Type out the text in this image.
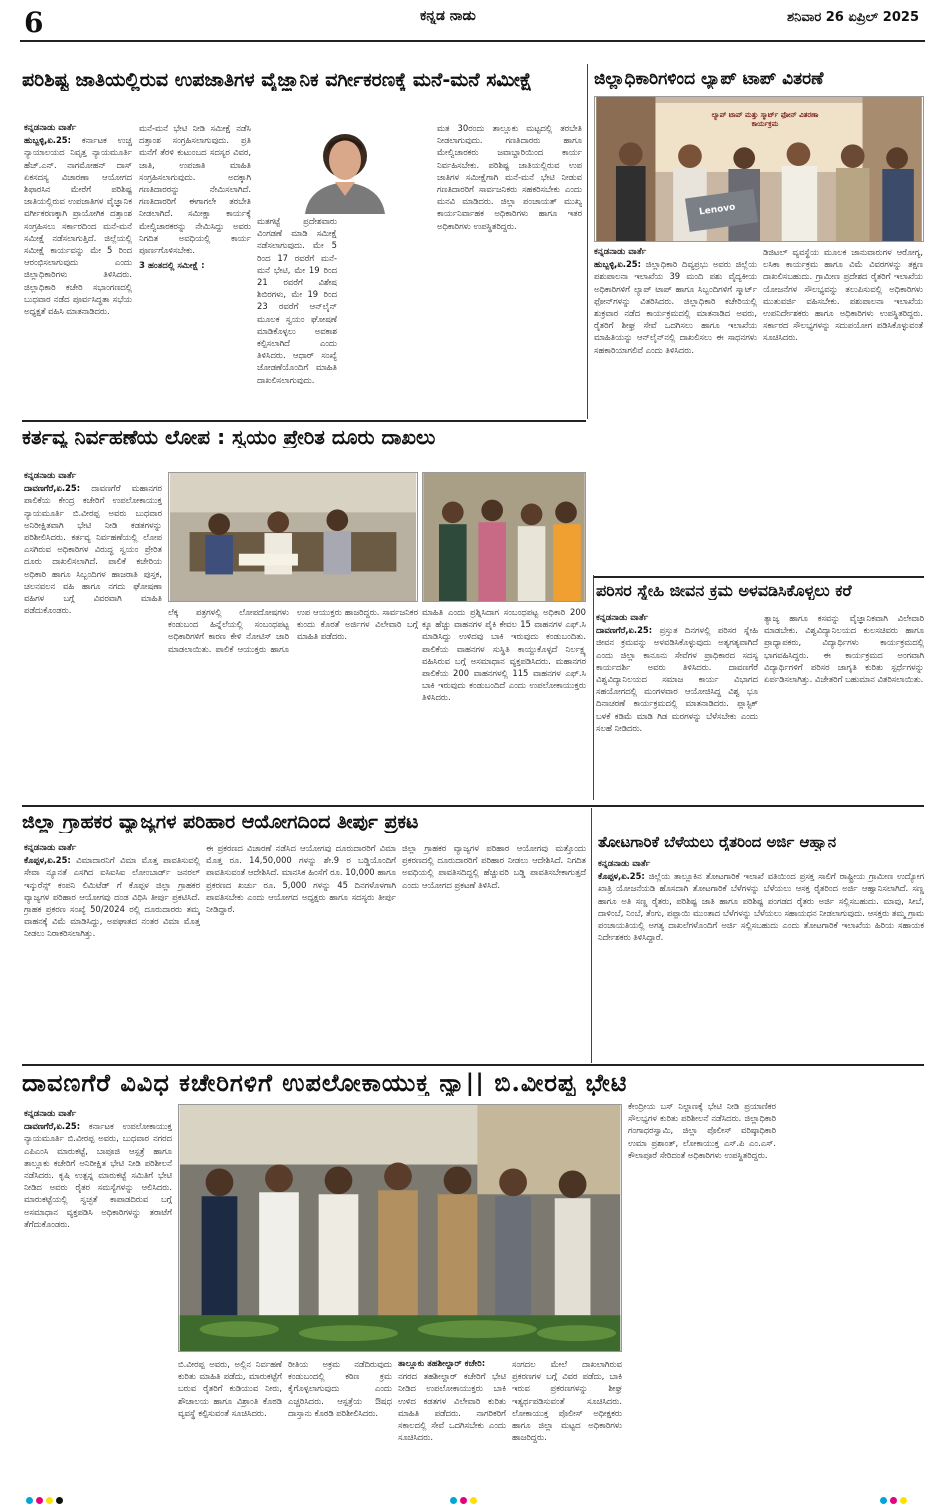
6	ಕನ್ನಡ ನಾಡು	ಶನಿವಾರ 26 ಏಪ್ರಿಲ್ 2025
ಪರಿಶಿಷ್ಟ ಜಾತಿಯಲ್ಲಿರುವ ಉಪಜಾತಿಗಳ ವೈಜ್ಞಾನಿಕ ವರ್ಗೀಕರಣಕ್ಕೆ ಮನೆ-ಮನೆ ಸಮೀಕ್ಷೆ
ಕನ್ನಡನಾಡು ವಾರ್ತೆ
ಹುಬ್ಬಳ್ಳಿ,ಏ.25: ಕರ್ನಾಟಕ ಉಚ್ಚ ನ್ಯಾಯಾಲಯದ ನಿವೃತ್ತ ನ್ಯಾಯಮೂರ್ತಿ ಹೆಚ್.ಎನ್. ನಾಗಮೋಹನ್ ದಾಸ್ ಏಕಸದಸ್ಯ ವಿಚಾರಣಾ ಆಯೋಗದ ಶಿಫಾರಸಿನ ಮೇರೆಗೆ ಪರಿಶಿಷ್ಟ ಜಾತಿಯಲ್ಲಿರುವ ಉಪಜಾತಿಗಳ ವೈಜ್ಞಾನಿಕ ವರ್ಗೀಕರಣಕ್ಕಾಗಿ ಪ್ರಾಯೋಗಿಕ ದತ್ತಾಂಶ ಸಂಗ್ರಹಿಸಲು ಸರ್ಕಾರದಿಂದ ಮನೆ-ಮನೆ ಸಮೀಕ್ಷೆ ನಡೆಸಲಾಗುತ್ತಿದೆ. ಜಿಲ್ಲೆಯಲ್ಲಿ ಸಮೀಕ್ಷೆ ಕಾರ್ಯವನ್ನು ಮೇ 5 ರಿಂದ ಆರಂಭಿಸಲಾಗುವುದು ಎಂದು ಜಿಲ್ಲಾಧಿಕಾರಿಗಳು ತಿಳಿಸಿದರು. ಜಿಲ್ಲಾಧಿಕಾರಿ ಕಚೇರಿ ಸಭಾಂಗಣದಲ್ಲಿ ಬುಧವಾರ ನಡೆದ ಪೂರ್ವಸಿದ್ಧತಾ ಸಭೆಯ ಅಧ್ಯಕ್ಷತೆ ವಹಿಸಿ ಮಾತನಾಡಿದರು.
ಮನೆ-ಮನೆ ಭೇಟಿ ನೀಡಿ ಸಮೀಕ್ಷೆ ನಡೆಸಿ ದತ್ತಾಂಶ ಸಂಗ್ರಹಿಸಲಾಗುವುದು. ಪ್ರತಿ ಮನೆಗೆ ತೆರಳಿ ಕುಟುಂಬದ ಸದಸ್ಯರ ವಿವರ, ಜಾತಿ, ಉಪಜಾತಿ ಮಾಹಿತಿ ಸಂಗ್ರಹಿಸಲಾಗುವುದು. ಅದಕ್ಕಾಗಿ ಗಣತಿದಾರರನ್ನು ನೇಮಿಸಲಾಗಿದೆ. ಗಣತಿದಾರರಿಗೆ ಈಗಾಗಲೇ ತರಬೇತಿ ನೀಡಲಾಗಿದೆ. ಸಮೀಕ್ಷಾ ಕಾರ್ಯಕ್ಕೆ ಮೇಲ್ವಿಚಾರಕರನ್ನು ನೇಮಿಸಿದ್ದು ಅವರು ನಿಗದಿತ ಅವಧಿಯಲ್ಲಿ ಕಾರ್ಯ ಪೂರ್ಣಗೊಳಿಸಬೇಕು.
3 ಹಂತದಲ್ಲಿ ಸಮೀಕ್ಷೆ :
ಮತಗಟ್ಟೆ ಪ್ರದೇಶವಾರು ವಿಂಗಡಣೆ ಮಾಡಿ ಸಮೀಕ್ಷೆ ನಡೆಸಲಾಗುವುದು. ಮೇ 5 ರಿಂದ 17 ರವರೆಗೆ ಮನೆ-ಮನೆ ಭೇಟಿ, ಮೇ 19 ರಿಂದ 21 ರವರೆಗೆ ವಿಶೇಷ ಶಿಬಿರಗಳು, ಮೇ 19 ರಿಂದ 23 ರವರೆಗೆ ಆನ್‌ಲೈನ್ ಮೂಲಕ ಸ್ವಯಂ ಘೋಷಣೆ ಮಾಡಿಕೊಳ್ಳಲು ಅವಕಾಶ ಕಲ್ಪಿಸಲಾಗಿದೆ ಎಂದು ತಿಳಿಸಿದರು. ಆಧಾರ್ ಸಂಖ್ಯೆ ಜೋಡಣೆಯೊಂದಿಗೆ ಮಾಹಿತಿ ದಾಖಲಿಸಲಾಗುವುದು.
ಮತ 30ರಂದು ತಾಲ್ಲೂಕು ಮಟ್ಟದಲ್ಲಿ ತರಬೇತಿ ನೀಡಲಾಗುವುದು. ಗಣತಿದಾರರು ಹಾಗೂ ಮೇಲ್ವಿಚಾರಕರು ಜವಾಬ್ದಾರಿಯಿಂದ ಕಾರ್ಯ ನಿರ್ವಹಿಸಬೇಕು. ಪರಿಶಿಷ್ಟ ಜಾತಿಯಲ್ಲಿರುವ ಉಪ ಜಾತಿಗಳ ಸಮೀಕ್ಷೆಗಾಗಿ ಮನೆ-ಮನೆ ಭೇಟಿ ನೀಡುವ ಗಣತಿದಾರರಿಗೆ ಸಾರ್ವಜನಿಕರು ಸಹಕರಿಸಬೇಕು ಎಂದು ಮನವಿ ಮಾಡಿದರು. ಜಿಲ್ಲಾ ಪಂಚಾಯತ್ ಮುಖ್ಯ ಕಾರ್ಯನಿರ್ವಾಹಕ ಅಧಿಕಾರಿಗಳು ಹಾಗೂ ಇತರ ಅಧಿಕಾರಿಗಳು ಉಪಸ್ಥಿತರಿದ್ದರು.
ಜಿಲ್ಲಾಧಿಕಾರಿಗಳಿಂದ ಲ್ಯಾಪ್ ಟಾಪ್ ವಿತರಣೆ
ಲ್ಯಾಪ್ ಟಾಪ್ ಮತ್ತು ಸ್ಮಾರ್ಟ್ ಫೋನ್ ವಿತರಣಾ ಕಾರ್ಯಕ್ರಮ
Lenovo
ಕನ್ನಡನಾಡು ವಾರ್ತೆ
ಹುಬ್ಬಳ್ಳಿ,ಏ.25: ಜಿಲ್ಲಾಧಿಕಾರಿ ದಿವ್ಯಪ್ರಭು ಅವರು ಜಿಲ್ಲೆಯ ಪಶುಪಾಲನಾ ಇಲಾಖೆಯ 39 ಮಂದಿ ಪಶು ವೈದ್ಯಕೀಯ ಅಧಿಕಾರಿಗಳಿಗೆ ಲ್ಯಾಪ್ ಟಾಪ್ ಹಾಗೂ ಸಿಬ್ಬಂದಿಗಳಿಗೆ ಸ್ಮಾರ್ಟ್ ಫೋನ್‌ಗಳನ್ನು ವಿತರಿಸಿದರು. ಜಿಲ್ಲಾಧಿಕಾರಿ ಕಚೇರಿಯಲ್ಲಿ ಶುಕ್ರವಾರ ನಡೆದ ಕಾರ್ಯಕ್ರಮದಲ್ಲಿ ಮಾತನಾಡಿದ ಅವರು, ರೈತರಿಗೆ ಶೀಘ್ರ ಸೇವೆ ಒದಗಿಸಲು ಹಾಗೂ ಇಲಾಖೆಯ ಮಾಹಿತಿಯನ್ನು ಆನ್‌ಲೈನ್‌ನಲ್ಲಿ ದಾಖಲಿಸಲು ಈ ಸಾಧನಗಳು ಸಹಕಾರಿಯಾಗಲಿವೆ ಎಂದು ತಿಳಿಸಿದರು.
ಡಿಜಿಟಲ್ ವ್ಯವಸ್ಥೆಯ ಮೂಲಕ ಜಾನುವಾರುಗಳ ಆರೋಗ್ಯ, ಲಸಿಕಾ ಕಾರ್ಯಕ್ರಮ ಹಾಗೂ ವಿಮೆ ವಿವರಗಳನ್ನು ತಕ್ಷಣ ದಾಖಲಿಸಬಹುದು. ಗ್ರಾಮೀಣ ಪ್ರದೇಶದ ರೈತರಿಗೆ ಇಲಾಖೆಯ ಯೋಜನೆಗಳ ಸೌಲಭ್ಯವನ್ನು ತಲುಪಿಸುವಲ್ಲಿ ಅಧಿಕಾರಿಗಳು ಮುತುವರ್ಜಿ ವಹಿಸಬೇಕು. ಪಶುಪಾಲನಾ ಇಲಾಖೆಯ ಉಪನಿರ್ದೇಶಕರು ಹಾಗೂ ಅಧಿಕಾರಿಗಳು ಉಪಸ್ಥಿತರಿದ್ದರು. ಸರ್ಕಾರದ ಸೌಲಭ್ಯಗಳನ್ನು ಸದುಪಯೋಗ ಪಡಿಸಿಕೊಳ್ಳುವಂತೆ ಸೂಚಿಸಿದರು.
ಕರ್ತವ್ಯ ನಿರ್ವಹಣೆಯ ಲೋಪ : ಸ್ವಯಂ ಪ್ರೇರಿತ ದೂರು ದಾಖಲು
ಕನ್ನಡನಾಡು ವಾರ್ತೆ
ದಾವಣಗೆರೆ,ಏ.25: ದಾವಣಗೆರೆ ಮಹಾನಗರ ಪಾಲಿಕೆಯ ಕೇಂದ್ರ ಕಚೇರಿಗೆ ಉಪಲೋಕಾಯುಕ್ತ ನ್ಯಾಯಮೂರ್ತಿ ಬಿ.ವೀರಪ್ಪ ಅವರು ಬುಧವಾರ ಅನಿರೀಕ್ಷಿತವಾಗಿ ಭೇಟಿ ನೀಡಿ ಕಡತಗಳನ್ನು ಪರಿಶೀಲಿಸಿದರು. ಕರ್ತವ್ಯ ನಿರ್ವಹಣೆಯಲ್ಲಿ ಲೋಪ ಎಸಗಿರುವ ಅಧಿಕಾರಿಗಳ ವಿರುದ್ಧ ಸ್ವಯಂ ಪ್ರೇರಿತ ದೂರು ದಾಖಲಿಸಲಾಗಿದೆ. ಪಾಲಿಕೆ ಕಚೇರಿಯ ಅಧಿಕಾರಿ ಹಾಗೂ ಸಿಬ್ಬಂದಿಗಳ ಹಾಜರಾತಿ ಪುಸ್ತಕ, ಚಲನವಲನ ವಹಿ ಹಾಗೂ ನಗದು ಘೋಷಣಾ ವಹಿಗಳ ಬಗ್ಗೆ ವಿವರವಾಗಿ ಮಾಹಿತಿ ಪಡೆದುಕೊಂಡರು.	ಲೆಕ್ಕ ಪತ್ರಗಳಲ್ಲಿ ಲೋಪದೋಷಗಳು ಕಂಡುಬಂದ ಹಿನ್ನೆಲೆಯಲ್ಲಿ ಸಂಬಂಧಪಟ್ಟ ಅಧಿಕಾರಿಗಳಿಗೆ ಕಾರಣ ಕೇಳಿ ನೋಟಿಸ್ ಜಾರಿ ಮಾಡಲಾಯಿತು. ಪಾಲಿಕೆ ಆಯುಕ್ತರು ಹಾಗೂ ಉಪ ಆಯುಕ್ತರು ಹಾಜರಿದ್ದರು. ಸಾರ್ವಜನಿಕರ ಕುಂದು ಕೊರತೆ ಅರ್ಜಿಗಳ ವಿಲೇವಾರಿ ಬಗ್ಗೆ ಮಾಹಿತಿ ಪಡೆದರು.
ಮಾಹಿತಿ ಎಂದು ಪ್ರಶ್ನಿಸಿದಾಗ ಸಂಬಂಧಪಟ್ಟ ಅಧಿಕಾರಿ 200 ಕ್ಕೂ ಹೆಚ್ಚು ವಾಹನಗಳ ಪೈಕಿ ಕೇವಲ 15 ವಾಹನಗಳ ಎಫ್.ಸಿ ಮಾಡಿಸಿದ್ದು ಉಳಿದವು ಬಾಕಿ ಇರುವುದು ಕಂಡುಬಂದಿತು. ಪಾಲಿಕೆಯ ವಾಹನಗಳ ಸುಸ್ಥಿತಿ ಕಾಯ್ದುಕೊಳ್ಳದೆ ನಿರ್ಲಕ್ಷ್ಯ ವಹಿಸಿರುವ ಬಗ್ಗೆ ಅಸಮಾಧಾನ ವ್ಯಕ್ತಪಡಿಸಿದರು. ಮಹಾನಗರ ಪಾಲಿಕೆಯ 200 ವಾಹನಗಳಲ್ಲಿ 115 ವಾಹನಗಳ ಎಫ್.ಸಿ ಬಾಕಿ ಇರುವುದು ಕಂಡುಬಂದಿದೆ ಎಂದು ಉಪಲೋಕಾಯುಕ್ತರು ತಿಳಿಸಿದರು.
ಪರಿಸರ ಸ್ನೇಹಿ ಜೀವನ ಕ್ರಮ ಅಳವಡಿಸಿಕೊಳ್ಳಲು ಕರೆ
ಕನ್ನಡನಾಡು ವಾರ್ತೆ
ದಾವಣಗೆರೆ,ಏ.25: ಪ್ರಸ್ತುತ ದಿನಗಳಲ್ಲಿ ಪರಿಸರ ಸ್ನೇಹಿ ಜೀವನ ಕ್ರಮವನ್ನು ಅಳವಡಿಸಿಕೊಳ್ಳುವುದು ಅತ್ಯಗತ್ಯವಾಗಿದೆ ಎಂದು ಜಿಲ್ಲಾ ಕಾನೂನು ಸೇವೆಗಳ ಪ್ರಾಧಿಕಾರದ ಸದಸ್ಯ ಕಾರ್ಯದರ್ಶಿ ಅವರು ತಿಳಿಸಿದರು. ದಾವಣಗೆರೆ ವಿಶ್ವವಿದ್ಯಾನಿಲಯದ ಸಮಾಜ ಕಾರ್ಯ ವಿಭಾಗದ ಸಹಯೋಗದಲ್ಲಿ ಮಂಗಳವಾರ ಆಯೋಜಿಸಿದ್ದ ವಿಶ್ವ ಭೂ ದಿನಾಚರಣೆ ಕಾರ್ಯಕ್ರಮದಲ್ಲಿ ಮಾತನಾಡಿದರು. ಪ್ಲಾಸ್ಟಿಕ್ ಬಳಕೆ ಕಡಿಮೆ ಮಾಡಿ ಗಿಡ ಮರಗಳನ್ನು ಬೆಳೆಸಬೇಕು ಎಂದು ಸಲಹೆ ನೀಡಿದರು.
ತ್ಯಾಜ್ಯ ಹಾಗೂ ಕಸವನ್ನು ವೈಜ್ಞಾನಿಕವಾಗಿ ವಿಲೇವಾರಿ ಮಾಡಬೇಕು. ವಿಶ್ವವಿದ್ಯಾನಿಲಯದ ಕುಲಸಚಿವರು ಹಾಗೂ ಪ್ರಾಧ್ಯಾಪಕರು, ವಿದ್ಯಾರ್ಥಿಗಳು ಕಾರ್ಯಕ್ರಮದಲ್ಲಿ ಭಾಗವಹಿಸಿದ್ದರು. ಈ ಕಾರ್ಯಕ್ರಮದ ಅಂಗವಾಗಿ ವಿದ್ಯಾರ್ಥಿಗಳಿಗೆ ಪರಿಸರ ಜಾಗೃತಿ ಕುರಿತು ಸ್ಪರ್ಧೆಗಳನ್ನು ಏರ್ಪಡಿಸಲಾಗಿತ್ತು. ವಿಜೇತರಿಗೆ ಬಹುಮಾನ ವಿತರಿಸಲಾಯಿತು.
ಜಿಲ್ಲಾ ಗ್ರಾಹಕರ ವ್ಯಾಜ್ಯಗಳ ಪರಿಹಾರ ಆಯೋಗದಿಂದ ತೀರ್ಪು ಪ್ರಕಟ
ಕನ್ನಡನಾಡು ವಾರ್ತೆ
ಕೊಪ್ಪಳ,ಏ.25: ವಿಮಾದಾರನಿಗೆ ವಿಮಾ ಮೊತ್ತ ಪಾವತಿಸುವಲ್ಲಿ ಸೇವಾ ನ್ಯೂನತೆ ಎಸಗಿದ ಐಸಿಐಸಿಐ ಲೋಂಬಾರ್ಡ್ ಜನರಲ್ ಇನ್ಶುರೆನ್ಸ್ ಕಂಪನಿ ಲಿಮಿಟೆಡ್ ಗೆ ಕೊಪ್ಪಳ ಜಿಲ್ಲಾ ಗ್ರಾಹಕರ ವ್ಯಾಜ್ಯಗಳ ಪರಿಹಾರ ಆಯೋಗವು ದಂಡ ವಿಧಿಸಿ ತೀರ್ಪು ಪ್ರಕಟಿಸಿದೆ. ಗ್ರಾಹಕ ಪ್ರಕರಣ ಸಂಖ್ಯೆ 50/2024 ರಲ್ಲಿ ದೂರುದಾರರು ತಮ್ಮ ವಾಹನಕ್ಕೆ ವಿಮೆ ಮಾಡಿಸಿದ್ದು, ಅಪಘಾತದ ನಂತರ ವಿಮಾ ಮೊತ್ತ ನೀಡಲು ನಿರಾಕರಿಸಲಾಗಿತ್ತು.
ಈ ಪ್ರಕರಣದ ವಿಚಾರಣೆ ನಡೆಸಿದ ಆಯೋಗವು ದೂರುದಾರರಿಗೆ ವಿಮಾ ಮೊತ್ತ ರೂ. 14,50,000 ಗಳನ್ನು ಶೇ.9 ರ ಬಡ್ಡಿಯೊಂದಿಗೆ ಪಾವತಿಸುವಂತೆ ಆದೇಶಿಸಿದೆ. ಮಾನಸಿಕ ಹಿಂಸೆಗೆ ರೂ. 10,000 ಹಾಗೂ ಪ್ರಕರಣದ ಖರ್ಚು ರೂ. 5,000 ಗಳನ್ನು 45 ದಿನಗಳೊಳಗಾಗಿ ಪಾವತಿಸಬೇಕು ಎಂದು ಆಯೋಗದ ಅಧ್ಯಕ್ಷರು ಹಾಗೂ ಸದಸ್ಯರು ತೀರ್ಪು ನೀಡಿದ್ದಾರೆ.
ಜಿಲ್ಲಾ ಗ್ರಾಹಕರ ವ್ಯಾಜ್ಯಗಳ ಪರಿಹಾರ ಆಯೋಗವು ಮತ್ತೊಂದು ಪ್ರಕರಣದಲ್ಲಿ ದೂರುದಾರರಿಗೆ ಪರಿಹಾರ ನೀಡಲು ಆದೇಶಿಸಿದೆ. ನಿಗದಿತ ಅವಧಿಯಲ್ಲಿ ಪಾವತಿಸದಿದ್ದಲ್ಲಿ ಹೆಚ್ಚುವರಿ ಬಡ್ಡಿ ಪಾವತಿಸಬೇಕಾಗುತ್ತದೆ ಎಂದು ಆಯೋಗದ ಪ್ರಕಟಣೆ ತಿಳಿಸಿದೆ.
ತೋಟಗಾರಿಕೆ ಬೆಳೆಯಲು ರೈತರಿಂದ ಅರ್ಜಿ ಆಹ್ವಾನ
ಕನ್ನಡನಾಡು ವಾರ್ತೆ
ಕೊಪ್ಪಳ,ಏ.25: ಜಿಲ್ಲೆಯ ತಾಲ್ಲೂಕಿನ ತೋಟಗಾರಿಕೆ ಇಲಾಖೆ ವತಿಯಿಂದ ಪ್ರಸಕ್ತ ಸಾಲಿಗೆ ರಾಷ್ಟ್ರೀಯ ಗ್ರಾಮೀಣ ಉದ್ಯೋಗ ಖಾತ್ರಿ ಯೋಜನೆಯಡಿ ಹೊಸದಾಗಿ ತೋಟಗಾರಿಕೆ ಬೆಳೆಗಳನ್ನು ಬೆಳೆಯಲು ಆಸಕ್ತ ರೈತರಿಂದ ಅರ್ಜಿ ಆಹ್ವಾನಿಸಲಾಗಿದೆ. ಸಣ್ಣ ಹಾಗೂ ಅತಿ ಸಣ್ಣ ರೈತರು, ಪರಿಶಿಷ್ಟ ಜಾತಿ ಹಾಗೂ ಪರಿಶಿಷ್ಟ ಪಂಗಡದ ರೈತರು ಅರ್ಜಿ ಸಲ್ಲಿಸಬಹುದು. ಮಾವು, ಸೀಬೆ, ದಾಳಿಂಬೆ, ನಿಂಬೆ, ತೆಂಗು, ಪಪ್ಪಾಯಿ ಮುಂತಾದ ಬೆಳೆಗಳನ್ನು ಬೆಳೆಯಲು ಸಹಾಯಧನ ನೀಡಲಾಗುವುದು. ಆಸಕ್ತರು ತಮ್ಮ ಗ್ರಾಮ ಪಂಚಾಯತಿಯಲ್ಲಿ ಅಗತ್ಯ ದಾಖಲೆಗಳೊಂದಿಗೆ ಅರ್ಜಿ ಸಲ್ಲಿಸಬಹುದು ಎಂದು ತೋಟಗಾರಿಕೆ ಇಲಾಖೆಯ ಹಿರಿಯ ಸಹಾಯಕ ನಿರ್ದೇಶಕರು ತಿಳಿಸಿದ್ದಾರೆ.
ದಾವಣಗೆರೆ ವಿವಿಧ ಕಚೇರಿಗಳಿಗೆ ಉಪಲೋಕಾಯುಕ್ತ ನ್ಯಾ|| ಬಿ.ವೀರಪ್ಪ ಭೇಟಿ
ಕನ್ನಡನಾಡು ವಾರ್ತೆ
ದಾವಣಗೆರೆ,ಏ.25: ಕರ್ನಾಟಕ ಉಪಲೋಕಾಯುಕ್ತ ನ್ಯಾಯಮೂರ್ತಿ ಬಿ.ವೀರಪ್ಪ ಅವರು, ಬುಧವಾರ ನಗರದ ಎಪಿಎಂಸಿ ಮಾರುಕಟ್ಟೆ, ಬಾಪೂಜಿ ಆಸ್ಪತ್ರೆ ಹಾಗೂ ತಾಲ್ಲೂಕು ಕಚೇರಿಗೆ ಅನಿರೀಕ್ಷಿತ ಭೇಟಿ ನೀಡಿ ಪರಿಶೀಲನೆ ನಡೆಸಿದರು. ಕೃಷಿ ಉತ್ಪನ್ನ ಮಾರುಕಟ್ಟೆ ಸಮಿತಿಗೆ ಭೇಟಿ ನೀಡಿದ ಅವರು ರೈತರ ಸಮಸ್ಯೆಗಳನ್ನು ಆಲಿಸಿದರು. ಮಾರುಕಟ್ಟೆಯಲ್ಲಿ ಸ್ವಚ್ಛತೆ ಕಾಪಾಡದಿರುವ ಬಗ್ಗೆ ಅಸಮಾಧಾನ ವ್ಯಕ್ತಪಡಿಸಿ ಅಧಿಕಾರಿಗಳನ್ನು ತರಾಟೆಗೆ ತೆಗೆದುಕೊಂಡರು.
ಬಿ.ವೀರಪ್ಪ ಅವರು, ಅಲ್ಲಿನ ನಿರ್ವಹಣೆ ಕುರಿತು ಮಾಹಿತಿ ಪಡೆದು, ಮಾರುಕಟ್ಟೆಗೆ ಬರುವ ರೈತರಿಗೆ ಕುಡಿಯುವ ನೀರು, ಶೌಚಾಲಯ ಹಾಗೂ ವಿಶ್ರಾಂತಿ ಕೊಠಡಿ ವ್ಯವಸ್ಥೆ ಕಲ್ಪಿಸುವಂತೆ ಸೂಚಿಸಿದರು.
ರೀತಿಯ ಅಕ್ರಮ ನಡೆದಿರುವುದು ಕಂಡುಬಂದಲ್ಲಿ ಕಠಿಣ ಕ್ರಮ ಕೈಗೊಳ್ಳಲಾಗುವುದು ಎಂದು ಎಚ್ಚರಿಸಿದರು. ಆಸ್ಪತ್ರೆಯ ಔಷಧ ದಾಸ್ತಾನು ಕೊಠಡಿ ಪರಿಶೀಲಿಸಿದರು.
ತಾಲ್ಲೂಕು ತಹಶೀಲ್ದಾರ್ ಕಚೇರಿ:
ನಗರದ ತಹಶೀಲ್ದಾರ್ ಕಚೇರಿಗೆ ಭೇಟಿ ನೀಡಿದ ಉಪಲೋಕಾಯುಕ್ತರು ಬಾಕಿ ಉಳಿದ ಕಡತಗಳ ವಿಲೇವಾರಿ ಕುರಿತು ಮಾಹಿತಿ ಪಡೆದರು. ನಾಗರಿಕರಿಗೆ ಸಕಾಲದಲ್ಲಿ ಸೇವೆ ಒದಗಿಸಬೇಕು ಎಂದು ಸೂಚಿಸಿದರು.
ಸಂಗದಲ ಮೇಲೆ ದಾಖಲಾಗಿರುವ ಪ್ರಕರಣಗಳ ಬಗ್ಗೆ ವಿವರ ಪಡೆದು, ಬಾಕಿ ಇರುವ ಪ್ರಕರಣಗಳನ್ನು ಶೀಘ್ರ ಇತ್ಯರ್ಥಪಡಿಸುವಂತೆ ಸೂಚಿಸಿದರು. ಲೋಕಾಯುಕ್ತ ಪೊಲೀಸ್ ಅಧೀಕ್ಷಕರು ಹಾಗೂ ಜಿಲ್ಲಾ ಮಟ್ಟದ ಅಧಿಕಾರಿಗಳು ಹಾಜರಿದ್ದರು.
ಕೇಂದ್ರೀಯ ಬಸ್ ನಿಲ್ದಾಣಕ್ಕೆ ಭೇಟಿ ನೀಡಿ ಪ್ರಯಾಣಿಕರ ಸೌಲಭ್ಯಗಳ ಕುರಿತು ಪರಿಶೀಲನೆ ನಡೆಸಿದರು. ಜಿಲ್ಲಾಧಿಕಾರಿ ಗಂಗಾಧರಸ್ವಾಮಿ, ಜಿಲ್ಲಾ ಪೊಲೀಸ್ ವರಿಷ್ಠಾಧಿಕಾರಿ ಉಮಾ ಪ್ರಶಾಂತ್, ಲೋಕಾಯುಕ್ತ ಎಸ್.ಪಿ ಎಂ.ಎಸ್. ಕೌಲಾಪೂರೆ ಸೇರಿದಂತೆ ಅಧಿಕಾರಿಗಳು ಉಪಸ್ಥಿತರಿದ್ದರು.
